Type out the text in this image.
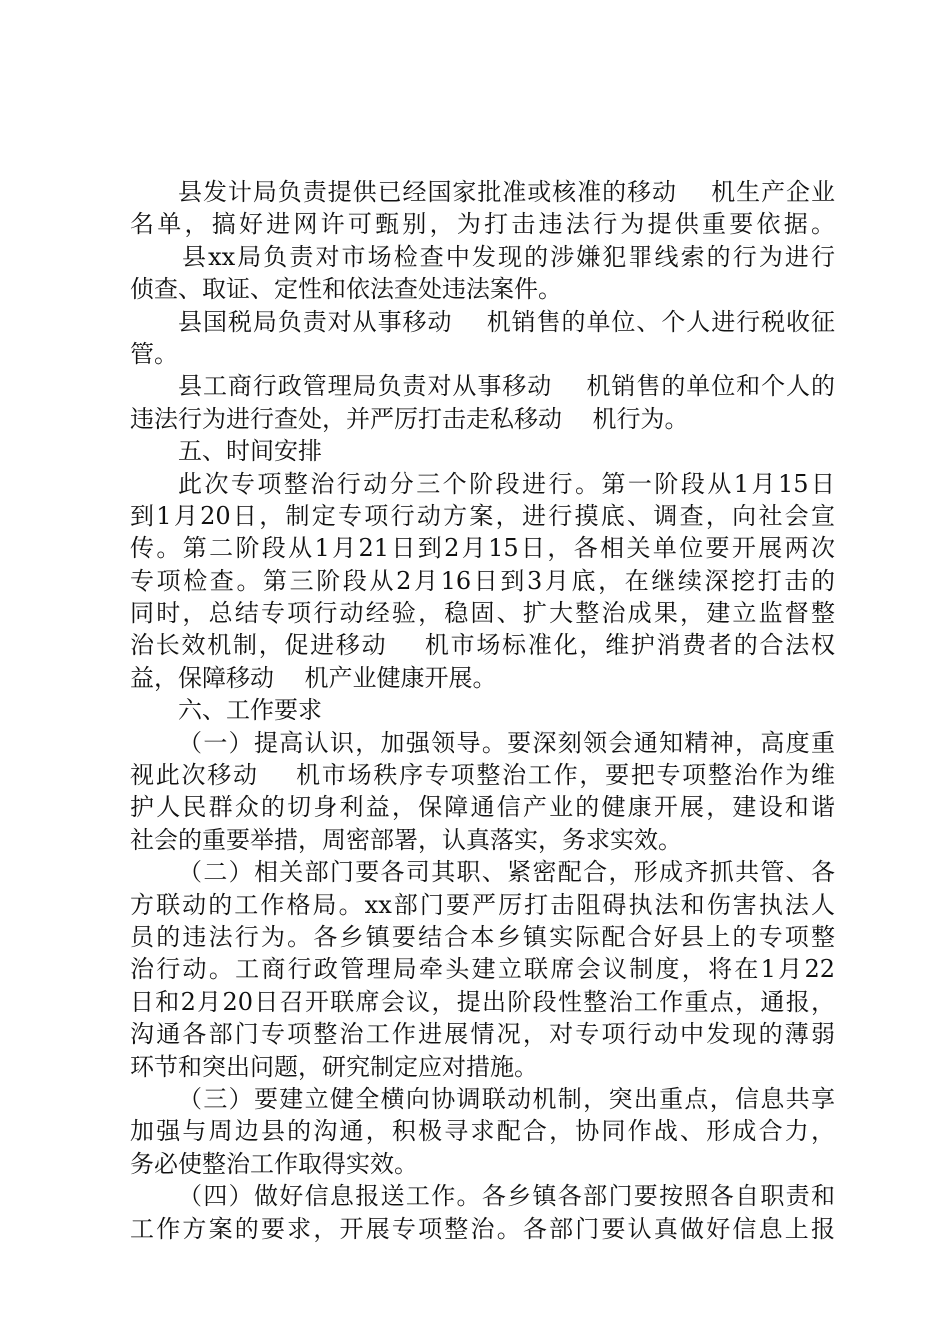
县发计局负责提供已经国家批准或核准的移动    机生产企业
名单，搞好进网许可甄别，为打击违法行为提供重要依据。
县xx局负责对市场检查中发现的涉嫌犯罪线索的行为进行
侦查、取证、定性和依法查处违法案件。
县国税局负责对从事移动    机销售的单位、个人进行税收征
管。
县工商行政管理局负责对从事移动    机销售的单位和个人的
违法行为进行查处，并严厉打击走私移动    机行为。
五、时间安排
此次专项整治行动分三个阶段进行。第一阶段从1月15日
到1月20日，制定专项行动方案，进行摸底、调查，向社会宣
传。第二阶段从1月21日到2月15日，各相关单位要开展两次
专项检查。第三阶段从2月16日到3月底，在继续深挖打击的
同时，总结专项行动经验，稳固、扩大整治成果，建立监督整
治长效机制，促进移动    机市场标准化，维护消费者的合法权
益，保障移动    机产业健康开展。
六、工作要求
（一）提高认识，加强领导。要深刻领会通知精神，高度重
视此次移动    机市场秩序专项整治工作，要把专项整治作为维
护人民群众的切身利益，保障通信产业的健康开展，建设和谐
社会的重要举措，周密部署，认真落实，务求实效。
（二）相关部门要各司其职、紧密配合，形成齐抓共管、各
方联动的工作格局。xx部门要严厉打击阻碍执法和伤害执法人
员的违法行为。各乡镇要结合本乡镇实际配合好县上的专项整
治行动。工商行政管理局牵头建立联席会议制度，将在1月22
日和2月20日召开联席会议，提出阶段性整治工作重点，通报，
沟通各部门专项整治工作进展情况，对专项行动中发现的薄弱
环节和突出问题，研究制定应对措施。
（三）要建立健全横向协调联动机制，突出重点，信息共享
加强与周边县的沟通，积极寻求配合，协同作战、形成合力，
务必使整治工作取得实效。
（四）做好信息报送工作。各乡镇各部门要按照各自职责和
工作方案的要求，开展专项整治。各部门要认真做好信息上报
